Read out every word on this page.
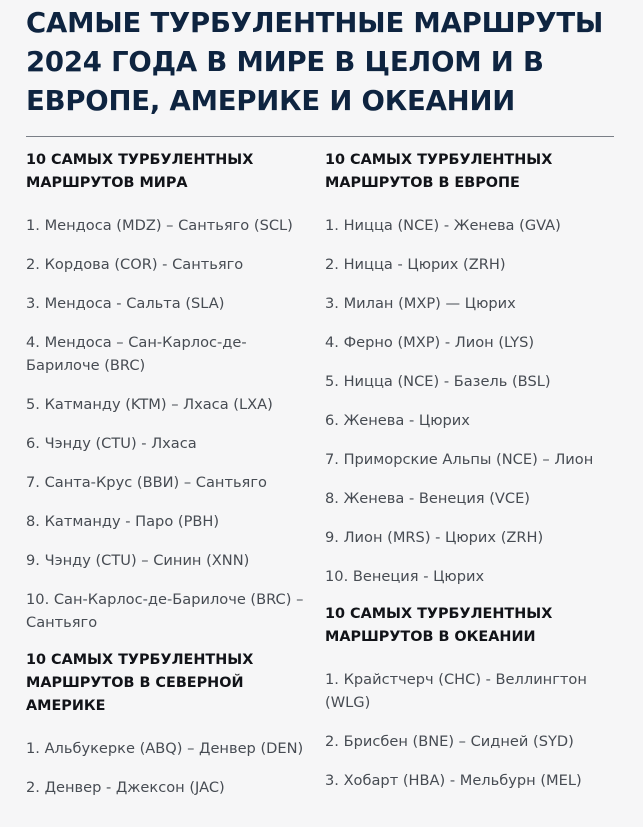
САМЫЕ ТУРБУЛЕНТНЫЕ МАРШРУТЫ 2024 ГОДА В МИРЕ В ЦЕЛОМ И В ЕВРОПЕ, АМЕРИКЕ И ОКЕАНИИ
10 САМЫХ ТУРБУЛЕНТНЫХ МАРШРУТОВ МИРА
1. Мендоса (MDZ) – Сантьяго (SCL)
2. Кордова (COR) - Сантьяго
3. Мендоса - Сальта (SLA)
4. Мендоса – Сан-Карлос-де-Барилоче (BRC)
5. Катманду (KTM) – Лхаса (LXA)
6. Чэнду (CTU) - Лхаса
7. Санта-Крус (BBИ) – Сантьяго
8. Катманду - Паро (PBH)
9. Чэнду (CTU) – Синин (XNN)
10. Сан-Карлос-де-Барилоче (BRC) – Сантьяго
10 САМЫХ ТУРБУЛЕНТНЫХ МАРШРУТОВ В СЕВЕРНОЙ АМЕРИКЕ
1. Альбукерке (ABQ) – Денвер (DEN)
2. Денвер - Джексон (JAC)
10 САМЫХ ТУРБУЛЕНТНЫХ МАРШРУТОВ В ЕВРОПЕ
1. Ницца (NCE) - Женева (GVA)
2. Ницца - Цюрих (ZRH)
3. Милан (MXP) — Цюрих
4. Ферно (MXP) - Лион (LYS)
5. Ницца (NCE) - Базель (BSL)
6. Женева - Цюрих
7. Приморские Альпы (NCE) – Лион
8. Женева - Венеция (VCE)
9. Лион (MRS) - Цюрих (ZRH)
10. Венеция - Цюрих
10 САМЫХ ТУРБУЛЕНТНЫХ МАРШРУТОВ В ОКЕАНИИ
1. Крайстчерч (CHC) - Веллингтон (WLG)
2. Брисбен (BNE) – Сидней (SYD)
3. Хобарт (HBA) - Мельбурн (MEL)
